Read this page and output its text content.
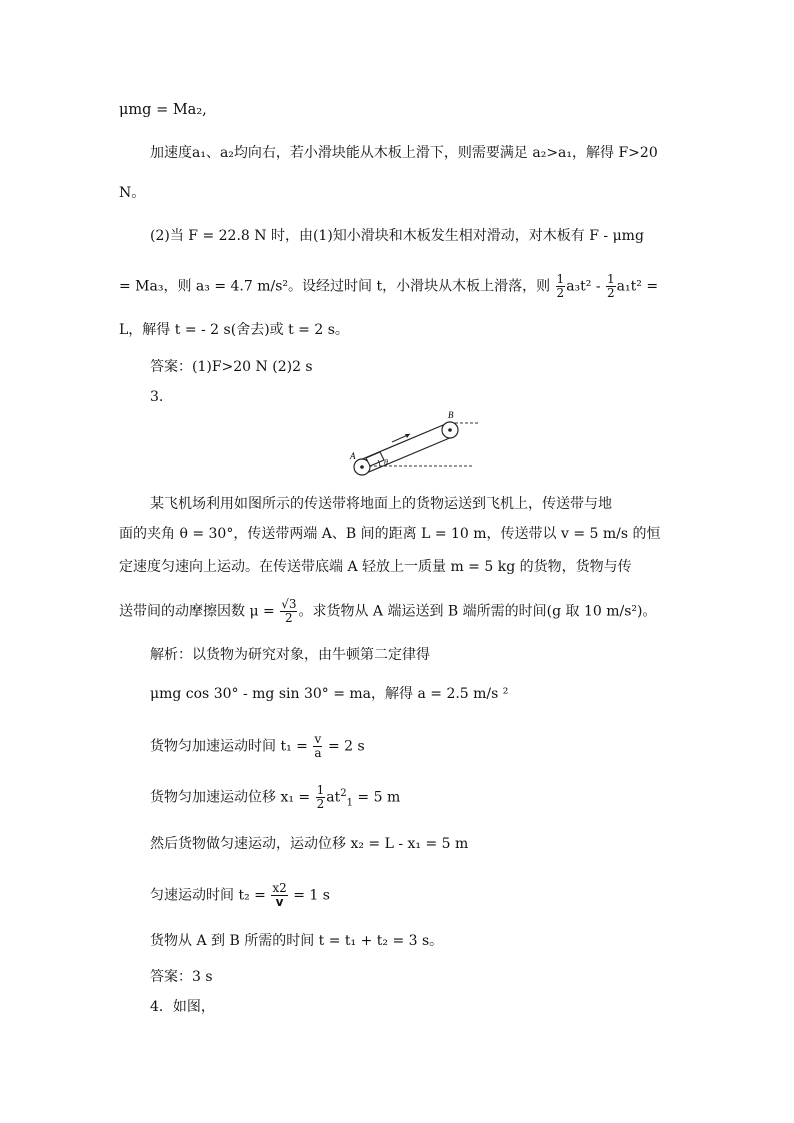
μmg = Ma₂,
加速度a₁、a₂均向右，若小滑块能从木板上滑下，则需要满足 a₂>a₁，解得 F>20
N。
(2)当 F = 22.8 N 时，由(1)知小滑块和木板发生相对滑动，对木板有 F - μmg
= Ma₃，则 a₃ = 4.7 m/s²。设经过时间 t，小滑块从木板上滑落，则 $\frac{1}{2} a_3t^2 - \frac{1}{2} a_1t^2$ =
L，解得 t = - 2 s(舍去)或 t = 2 s。
答案：(1)F>20 N (2)2 s
3.
A
B
θ
某飞机场利用如图所示的传送带将地面上的货物运送到飞机上，传送带与地
面的夹角 θ = 30°，传送带两端 A、B 间的距离 L = 10 m，传送带以 v = 5 m/s 的恒
定速度匀速向上运动。在传送带底端 A 轻放上一质量 m = 5 kg 的货物，货物与传
送带间的动摩擦因数 $\mu = \frac{√3}{2}$ 。求货物从 A 端运送到 B 端所需的时间(g 取 10 m/s²)。
解析：以货物为研究对象，由牛顿第二定律得
μmg cos 30° - mg sin 30° = ma，解得 a = 2.5 m/s ²
货物匀加速运动时间 $t_1 = \frac{v}{a} = 2$ s
货物匀加速运动位移 $x_1 = \frac{1}{2} at^2_1 = 5$ m
然后货物做匀速运动，运动位移 x₂ = L - x₁ = 5 m
匀速运动时间 $t_2 = \frac{x2}{v} = 1$ s
货物从 A 到 B 所需的时间 t = t₁ + t₂ = 3 s。
答案：3 s
4．如图，
